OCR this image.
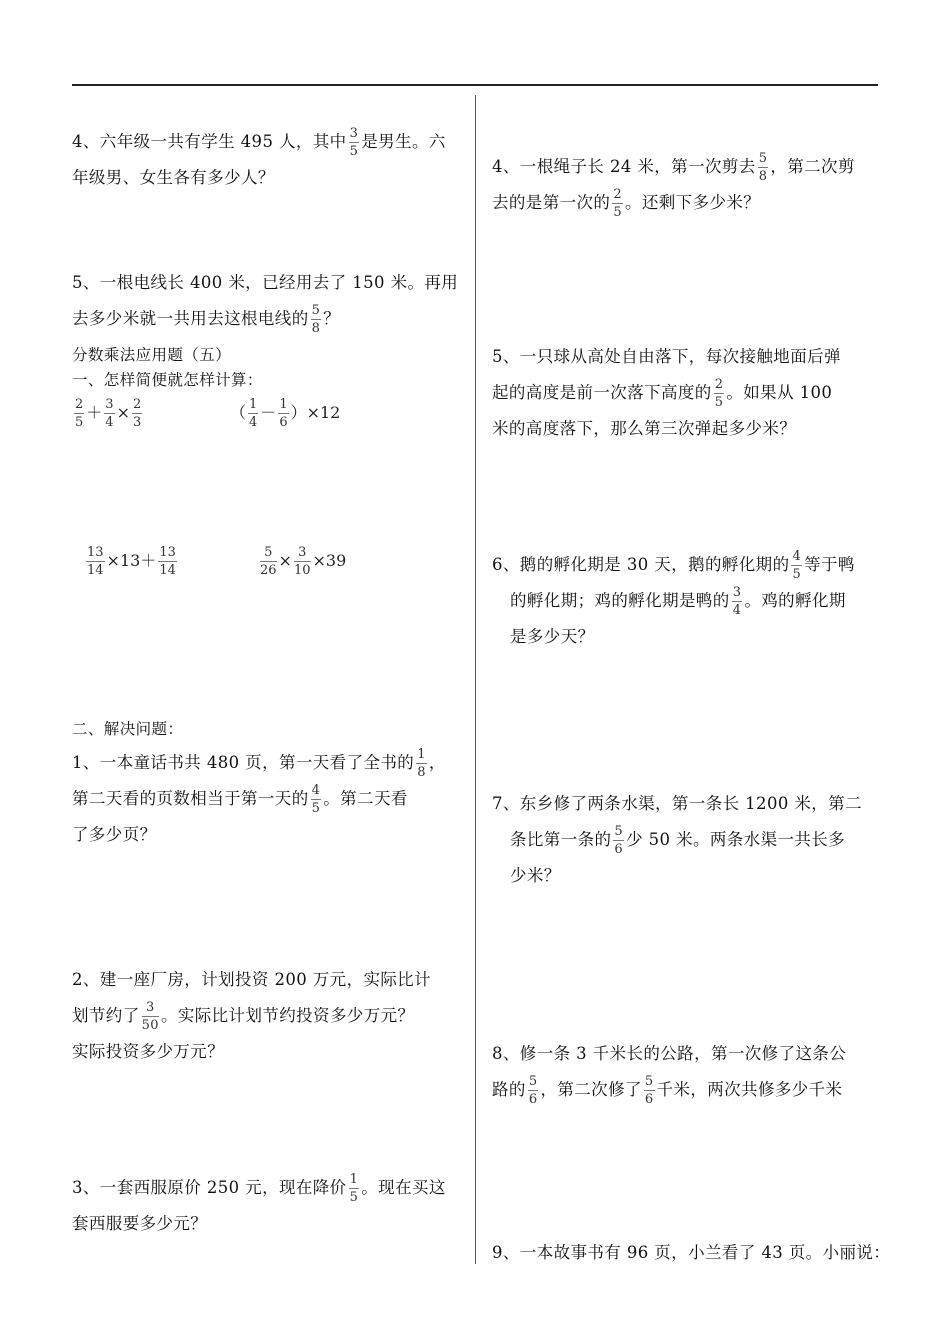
4、六年级一共有学生 495 人，其中 $\frac{3}{5}$ 是男生。六
年级男、女生各有多少人？
5、一根电线长 400 米，已经用去了 150 米。再用
去多少米就一共用去这根电线的 $\frac{5}{8}$ ？
分数乘法应用题（五）
一、怎样简便就怎样计算：
$\frac{2}{5} + \frac{3}{4} \times \frac{2}{3}$	（ $\frac{1}{4} - \frac{1}{6} )\times 12$
$\frac{13}{14} \times 13+ \frac{13}{14}$	$\frac{5}{26} \times \frac{3}{10} \times 39$
二、解决问题：
1、一本童话书共 480 页，第一天看了全书的 $\frac{1}{8}$ ，
第二天看的页数相当于第一天的 $\frac{4}{5}$ 。第二天看
了多少页？
2、建一座厂房，计划投资 200 万元，实际比计
划节约了 $\frac{3}{50}$ 。实际比计划节约投资多少万元？
实际投资多少万元？
3、一套西服原价 250 元，现在降价 $\frac{1}{5}$ 。现在买这
套西服要多少元？
4、一根绳子长 24 米，第一次剪去 $\frac{5}{8}$ ，第二次剪
去的是第一次的 $\frac{2}{5}$ 。还剩下多少米？
5、一只球从高处自由落下，每次接触地面后弹
起的高度是前一次落下高度的 $\frac{2}{5}$ 。如果从 100
米的高度落下，那么第三次弹起多少米？
6、鹅的孵化期是 30 天，鹅的孵化期的 $\frac{4}{5}$ 等于鸭
的孵化期；鸡的孵化期是鸭的 $\frac{3}{4}$ 。鸡的孵化期
是多少天？
7、东乡修了两条水渠，第一条长 1200 米，第二
条比第一条的 $\frac{5}{6}$ 少 50 米。两条水渠一共长多
少米？
8、修一条 3 千米长的公路，第一次修了这条公
路的 $\frac{5}{6}$ ，第二次修了 $\frac{5}{6}$ 千米，两次共修多少千米
9、一本故事书有 96 页，小兰看了 43 页。小丽说：
